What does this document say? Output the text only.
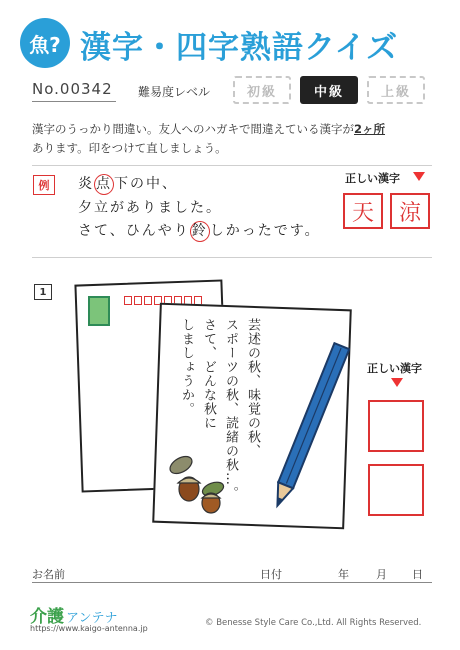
魚? 漢字・四字熟語クイズ
No.00342 難易度レベル	初級	中級	上級
漢字のうっかり間違い。友人へのハガキで間違えている漢字が2ヶ所
あります。印をつけて直しましょう。
例	炎 点 下の中、
夕立がありました。
さて、ひんやり 鈴 しかったです。
正しい漢字
天	涼
1
芸述の秋、味覚の秋、
スポーツの秋、読緒の秋…。
さて、どんな秋に
しましょうか。	正しい漢字
お名前	日付	年 月 日
介護 アンテナ
https://www.kaigo-antenna.jp
© Benesse Style Care Co.,Ltd. All Rights Reserved.
